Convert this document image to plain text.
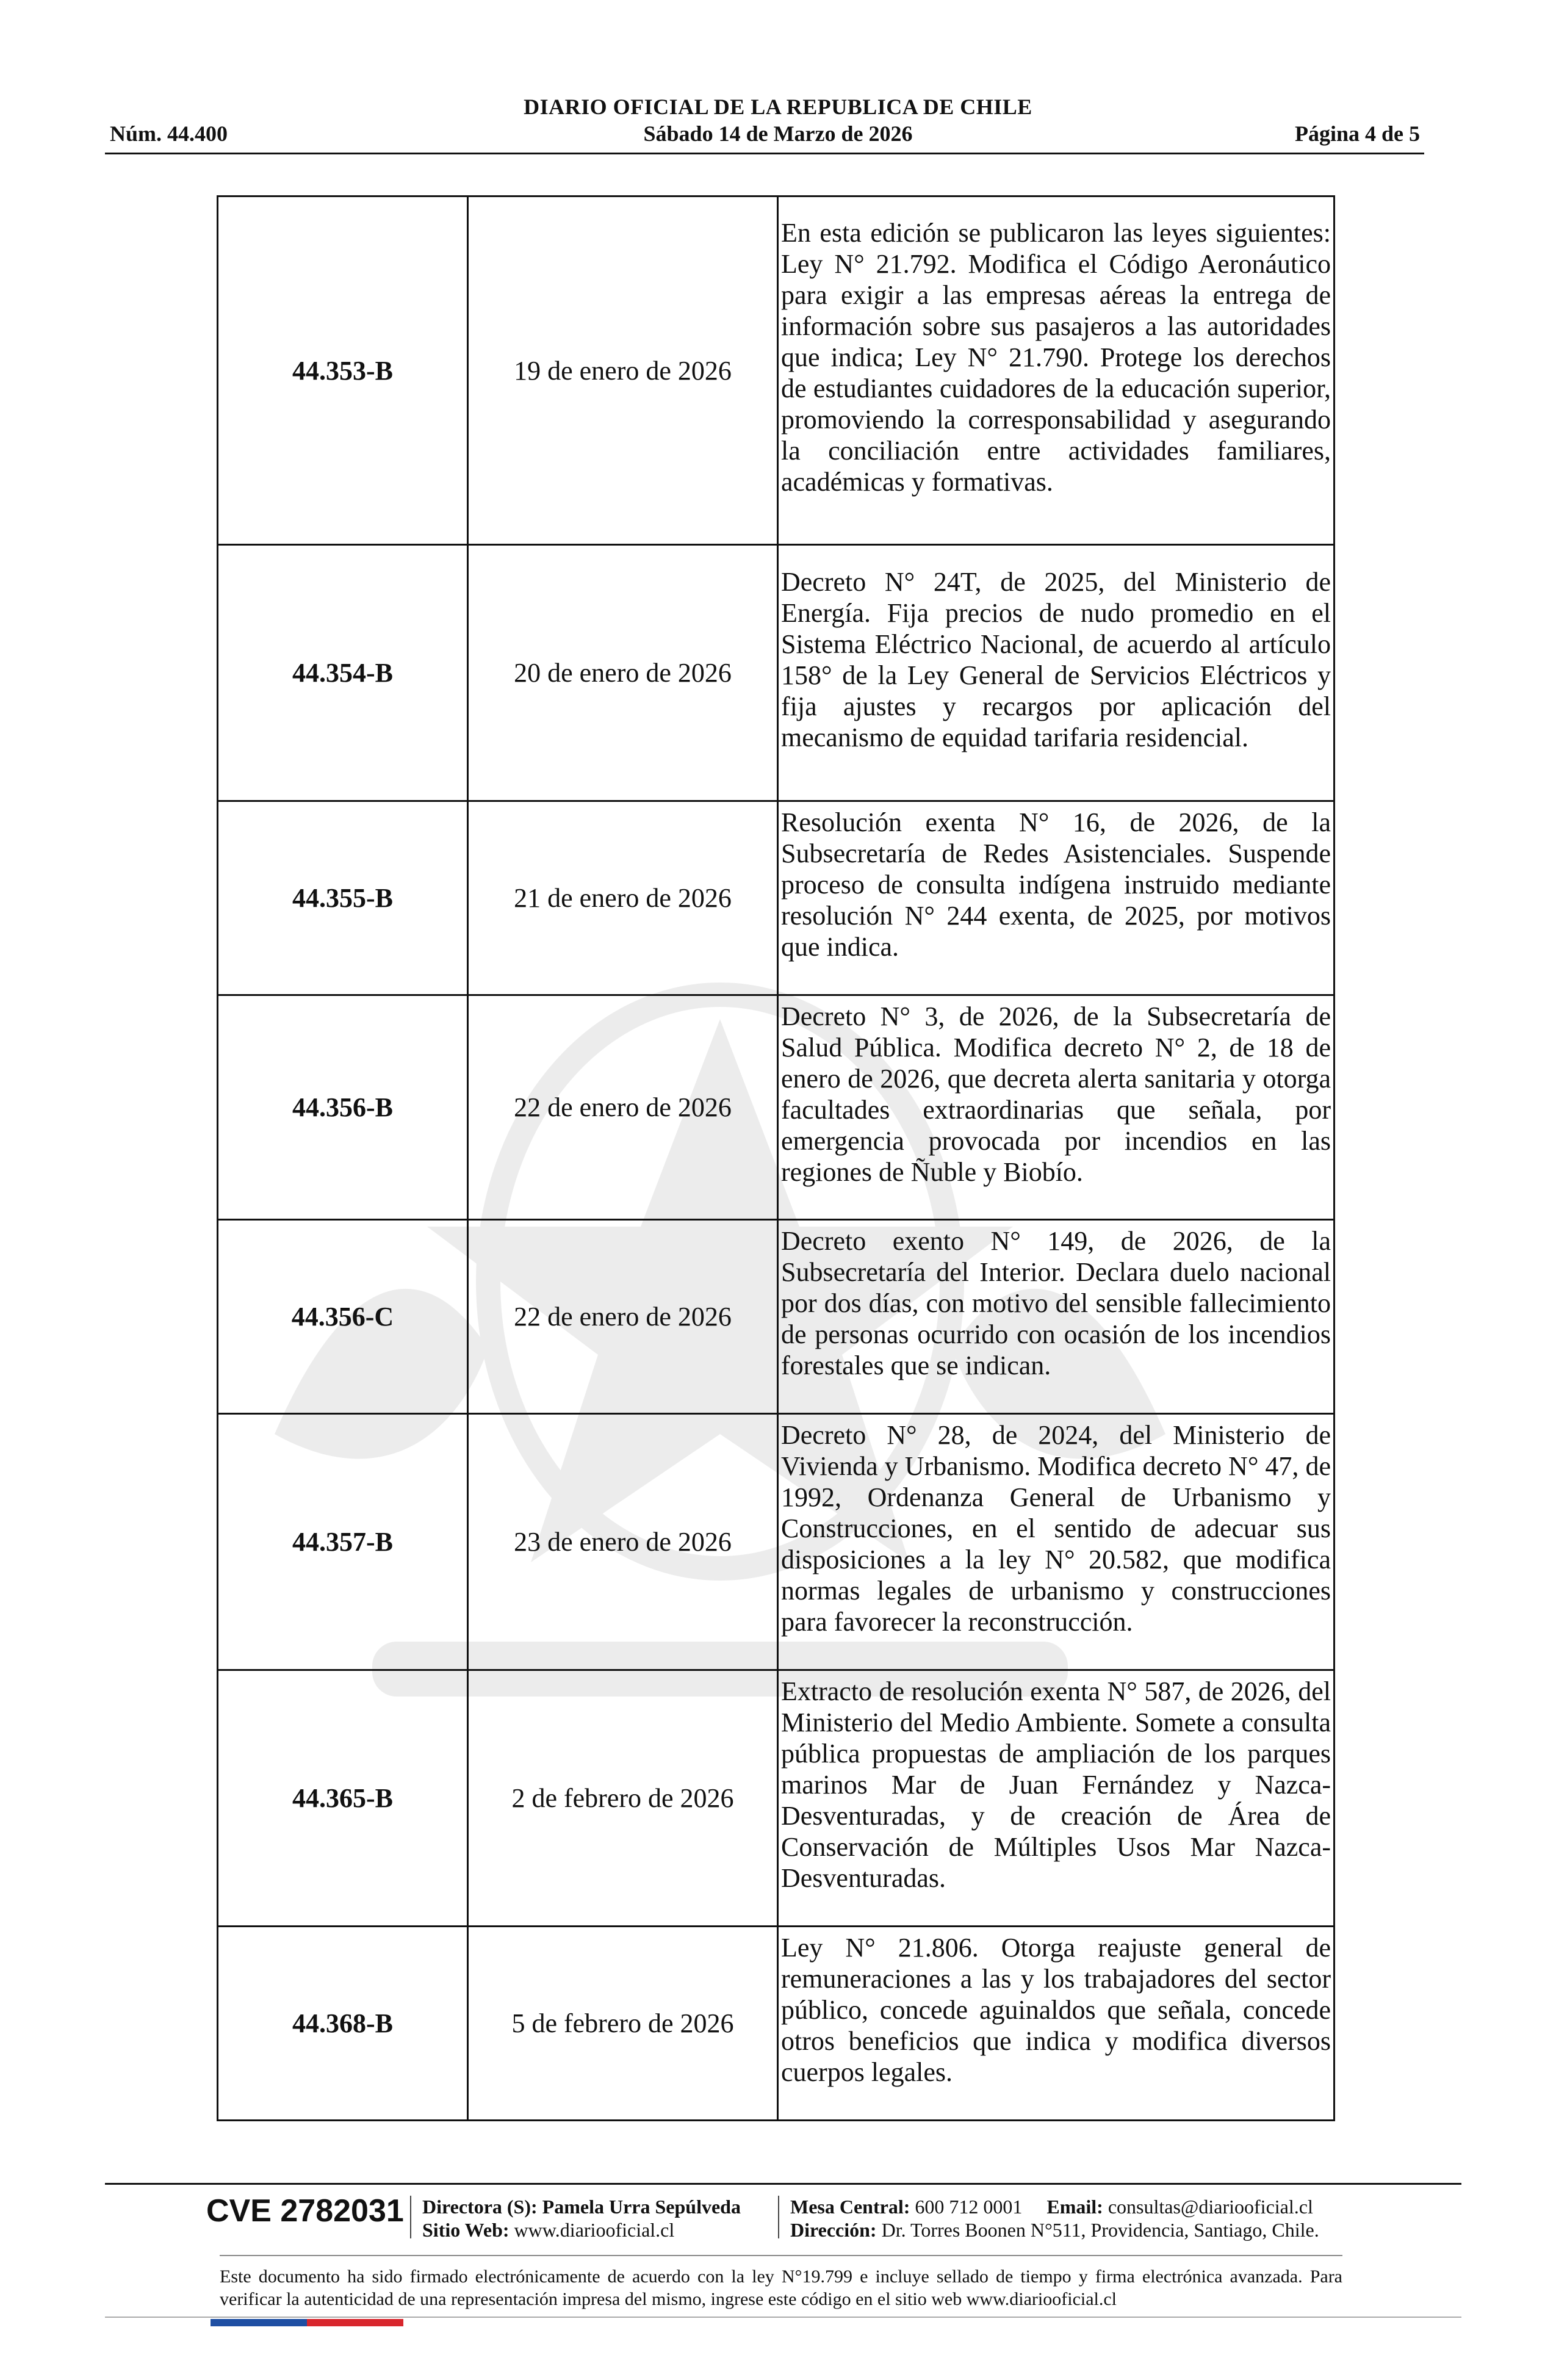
DIARIO OFICIAL DE LA REPUBLICA DE CHILE
Núm. 44.400	Sábado 14 de Marzo de 2026	Página 4 de 5
44.353-B	19 de enero de 2026	En esta edición se publicaron las leyes siguientes: Ley N° 21.792. Modifica el Código Aeronáutico para exigir a las empresas aéreas la entrega de información sobre sus pasajeros a las autoridades que indica; Ley N° 21.790. Protege los derechos de estudiantes cuidadores de la educación superior, promoviendo la corresponsabilidad y asegurando la conciliación entre actividades familiares, académicas y formativas.
44.354-B	20 de enero de 2026	Decreto N° 24T, de 2025, del Ministerio de Energía. Fija precios de nudo promedio en el Sistema Eléctrico Nacional, de acuerdo al artículo 158° de la Ley General de Servicios Eléctricos y fija ajustes y recargos por aplicación del mecanismo de equidad tarifaria residencial.
44.355-B	21 de enero de 2026	Resolución exenta N° 16, de 2026, de la Subsecretaría de Redes Asistenciales. Suspende proceso de consulta indígena instruido mediante resolución N° 244 exenta, de 2025, por motivos que indica.
44.356-B	22 de enero de 2026	Decreto N° 3, de 2026, de la Subsecretaría de Salud Pública. Modifica decreto N° 2, de 18 de enero de 2026, que decreta alerta sanitaria y otorga facultades extraordinarias que señala, por emergencia provocada por incendios en las regiones de Ñuble y Biobío.
44.356-C	22 de enero de 2026	Decreto exento N° 149, de 2026, de la Subsecretaría del Interior. Declara duelo nacional por dos días, con motivo del sensible fallecimiento de personas ocurrido con ocasión de los incendios forestales que se indican.
44.357-B	23 de enero de 2026	Decreto N° 28, de 2024, del Ministerio de Vivienda y Urbanismo. Modifica decreto N° 47, de 1992, Ordenanza General de Urbanismo y Construcciones, en el sentido de adecuar sus disposiciones a la ley N° 20.582, que modifica normas legales de urbanismo y construcciones para favorecer la reconstrucción.
44.365-B	2 de febrero de 2026	Extracto de resolución exenta N° 587, de 2026, del Ministerio del Medio Ambiente. Somete a consulta pública propuestas de ampliación de los parques marinos Mar de Juan Fernández y Nazca-Desventuradas, y de creación de Área de Conservación de Múltiples Usos Mar Nazca-Desventuradas.
44.368-B	5 de febrero de 2026	Ley N° 21.806. Otorga reajuste general de remuneraciones a las y los trabajadores del sector público, concede aguinaldos que señala, concede otros beneficios que indica y modifica diversos cuerpos legales.
CVE 2782031 Directora (S): Pamela Urra Sepúlveda
Sitio Web: www.diariooficial.cl
Mesa Central: 600 712 0001 Email: consultas@diariooficial.cl
Dirección: Dr. Torres Boonen N°511, Providencia, Santiago, Chile.
Este documento ha sido firmado electrónicamente de acuerdo con la ley N°19.799 e incluye sellado de tiempo y firma electrónica avanzada. Para verificar la autenticidad de una representación impresa del mismo, ingrese este código en el sitio web www.diariooficial.cl
